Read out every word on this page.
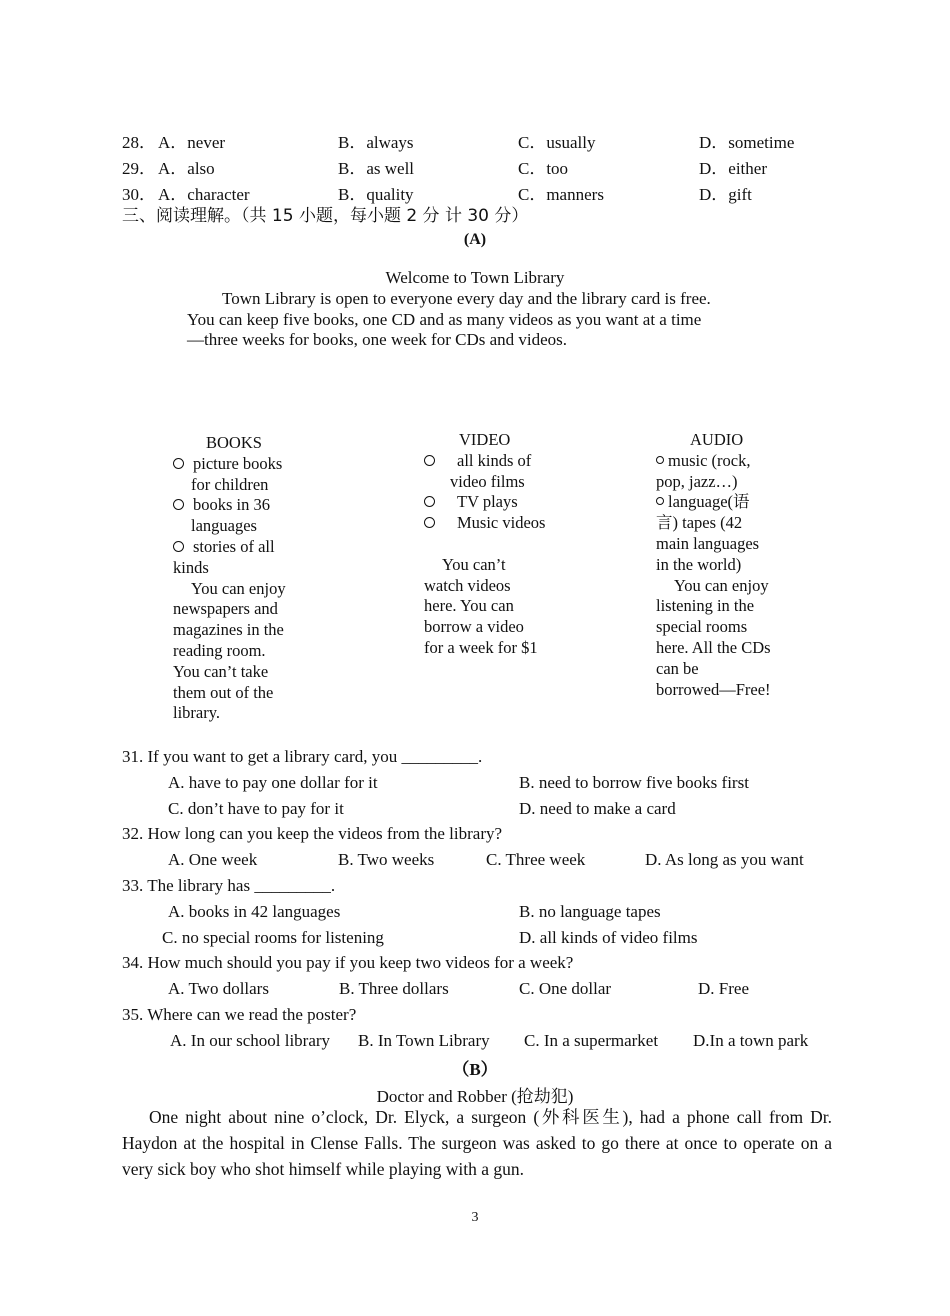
28． A．never	B．always	C．usually	D．sometime
29． A．also	B．as well	C．too	D．either
30． A．character	B．quality	C．manners	D．gift
三、阅读理解。（共 15 小题，每小题 2 分 计 30 分）
(A)
Welcome to Town Library
Town Library is open to everyone every day and the library card is free.
You can keep five books, one CD and as many videos as you want at a time
—three weeks for books, one week for CDs and videos.
BOOKS
picture books
for children
books in 36
languages
stories of all
kinds
You can enjoy
newspapers and
magazines in the
reading room.
You can’t take
them out of the
library.
VIDEO
all kinds of
video films
TV plays
Music videos
You can’t
watch videos
here. You can
borrow a video
for a week for $1
AUDIO
music (rock,
pop, jazz…)
language(语
言) tapes (42
main languages
in the world)
You can enjoy
listening in the
special rooms
here. All the CDs
can be
borrowed—Free!
31. If you want to get a library card, you _________.
A. have to pay one dollar for it	B. need to borrow five books first
C. don’t have to pay for it	D. need to make a card
32. How long can you keep the videos from the library?
A. One week	B. Two weeks	C. Three week	D. As long as you want
33. The library has _________.
A. books in 42 languages	B. no language tapes
C. no special rooms for listening	D. all kinds of video films
34. How much should you pay if you keep two videos for a week?
A. Two dollars	B. Three dollars	C. One dollar	D. Free
35. Where can we read the poster?
A. In our school library B. In Town Library C. In a supermarket D.In a town park
（B）
Doctor and Robber (抢劫犯)
One night about nine o’clock, Dr. Elyck, a surgeon (外科医生), had a phone call from Dr. Haydon at the hospital in Clense Falls. The surgeon was asked to go there at once to operate on a very sick boy who shot himself while playing with a gun.
3
